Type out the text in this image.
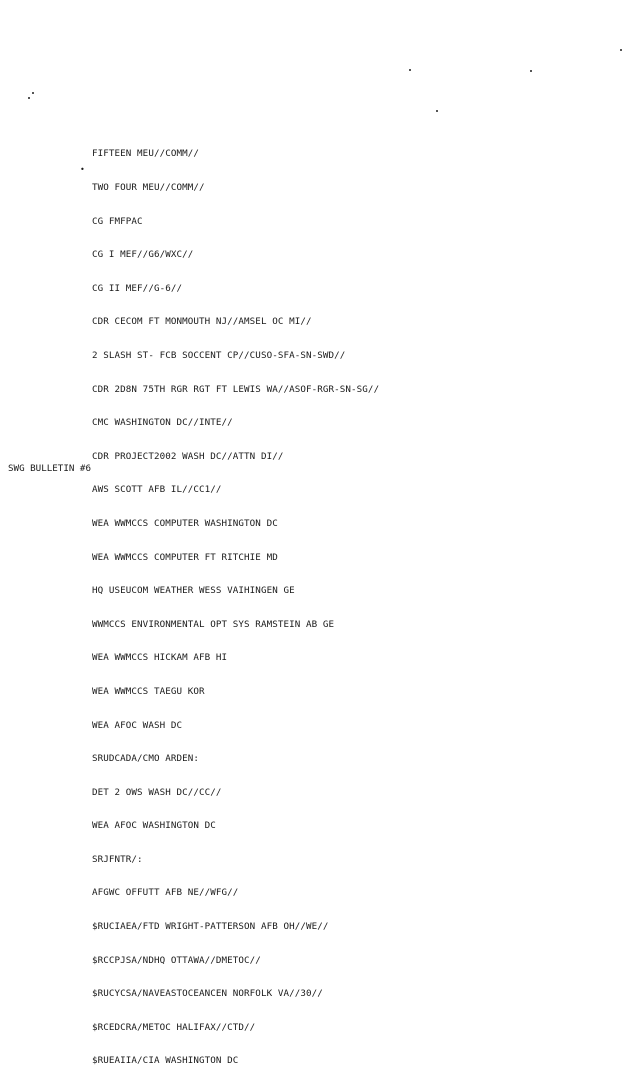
•

FIFTEEN MEU//COMM//

TWO FOUR MEU//COMM//

CG FMFPAC

CG I MEF//G6/WXC//

CG II MEF//G-6//

CDR CECOM FT MONMOUTH NJ//AMSEL OC MI//

2 SLASH ST- FCB SOCCENT CP//CUSO-SFA-SN-SWD//

CDR 2D8N 75TH RGR RGT FT LEWIS WA//ASOF-RGR-SN-SG//

CMC WASHINGTON DC//INTE//

CDR PROJECT2002 WASH DC//ATTN DI//

AWS SCOTT AFB IL//CC1//

WEA WWMCCS COMPUTER WASHINGTON DC

WEA WWMCCS COMPUTER FT RITCHIE MD

HQ USEUCOM WEATHER WESS VAIHINGEN GE

WWMCCS ENVIRONMENTAL OPT SYS RAMSTEIN AB GE

WEA WWMCCS HICKAM AFB HI

WEA WWMCCS TAEGU KOR

WEA AFOC WASH DC

SRUDCADA/CMO ARDEN:

DET 2 OWS WASH DC//CC//

WEA AFOC WASHINGTON DC

SRJFNTR/:

AFGWC OFFUTT AFB NE//WFG//

$RUCIAEA/FTD WRIGHT-PATTERSON AFB OH//WE//

$RCCPJSA/NDHQ OTTAWA//DMETOC//

$RUCYCSA/NAVEASTOCEANCEN NORFOLK VA//30//

$RCEDCRA/METOC HALIFAX//CTD//

$RUEAIIA/CIA WASHINGTON DC

SWG BULLETIN #6
